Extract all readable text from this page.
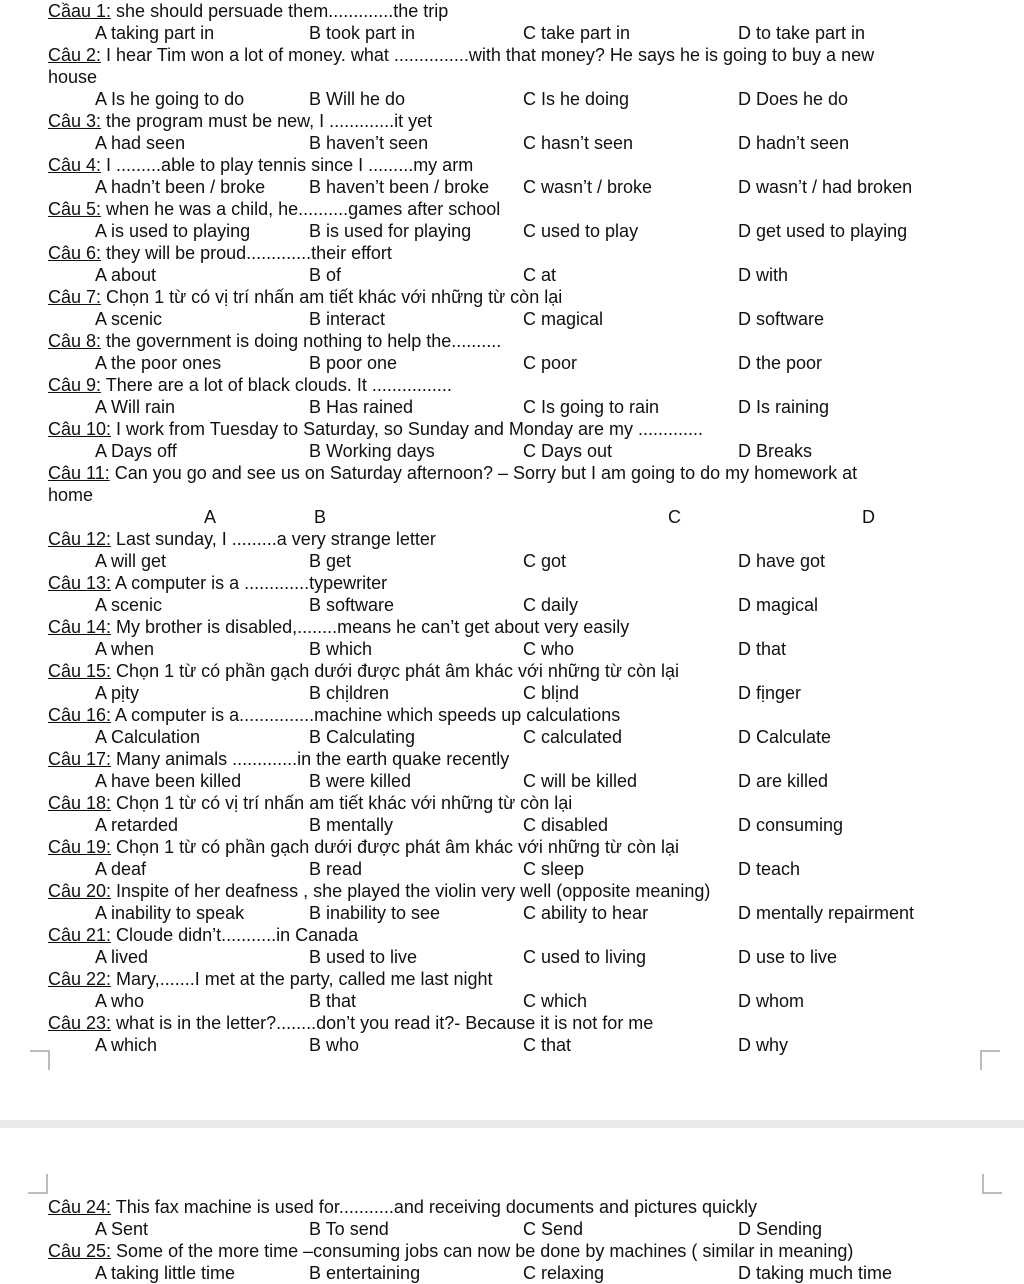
Cầau 1: she should persuade them.............the trip
A taking part in	B took part in	C take part in	D to take part in
Câu 2: I hear Tim won a lot of money. what ...............with that money? He says he is going to buy a new
house
A Is he going to do	B Will he do	C Is he doing	D Does he do
Câu 3: the program must be new, I .............it yet
A had seen	B haven’t seen	C hasn’t seen	D hadn’t seen
Câu 4: I .........able to play tennis since I .........my arm
A hadn’t been / broke B haven’t been / broke C wasn’t / broke	D wasn’t / had broken
Câu 5: when he was a child, he..........games after school
A is used to playing	B is used for playing	C used to play	D get used to playing
Câu 6: they will be proud.............their effort
A about	B of	C at	D with
Câu 7: Chọn 1 từ có vị trí nhấn am tiết khác với những từ còn lại
A scenic	B interact	C magical	D software
Câu 8: the government is doing nothing to help the..........
A the poor ones	B poor one	C poor	D the poor
Câu 9: There are a lot of black clouds. It ................
A Will rain	B Has rained	C Is going to rain	D Is raining
Câu 10: I work from Tuesday to Saturday, so Sunday and Monday are my .............
A Days off	B Working days	C Days out	D Breaks
Câu 11: Can you go and see us on Saturday afternoon? – Sorry but I am going to do my homework at
home
A	B	C	D
Câu 12: Last sunday, I .........a very strange letter
A will get	B get	C got	D have got
Câu 13: A computer is a .............typewriter
A scenic	B software	C daily	D magical
Câu 14: My brother is disabled,........means he can’t get about very easily
A when	B which	C who	D that
Câu 15: Chọn 1 từ có phần gạch dưới được phát âm khác với những từ còn lại
A pịty	B chịldren	C blịnd	D fịnger
Câu 16: A computer is a...............machine which speeds up calculations
A Calculation	B Calculating	C calculated	D Calculate
Câu 17: Many animals .............in the earth quake recently
A have been killed	B were killed	C will be killed	D are killed
Câu 18: Chọn 1 từ có vị trí nhấn am tiết khác với những từ còn lại
A retarded	B mentally	C disabled	D consuming
Câu 19: Chọn 1 từ có phần gạch dưới được phát âm khác với những từ còn lại
A deaf	B read	C sleep	D teach
Câu 20: Inspite of her deafness , she played the violin very well (opposite meaning)
A inability to speak	B inability to see	C ability to hear	D mentally repairment
Câu 21: Cloude didn’t...........in Canada
A lived	B used to live	C used to living	D use to live
Câu 22: Mary,.......I met at the party, called me last night
A who	B that	C which	D whom
Câu 23: what is in the letter?........don’t you read it?- Because it is not for me
A which	B who	C that	D why
Câu 24: This fax machine is used for...........and receiving documents and pictures quickly
A Sent	B To send	C Send	D Sending
Câu 25: Some of the more time –consuming jobs can now be done by machines ( similar in meaning)
A taking little time	B entertaining	C relaxing	D taking much time
